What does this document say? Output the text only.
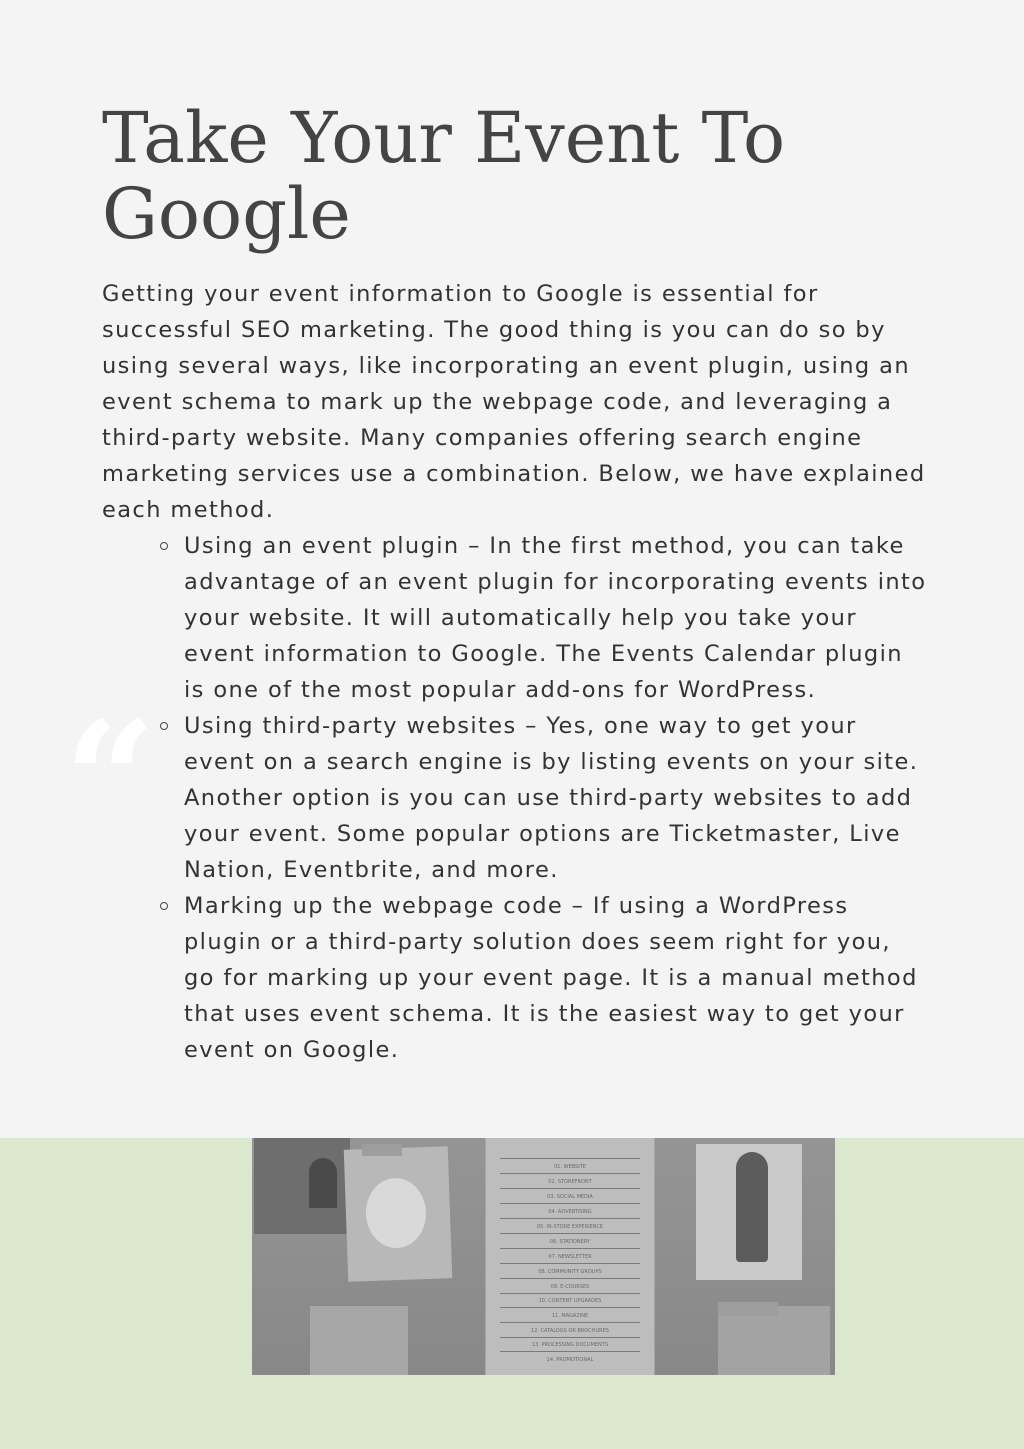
Take Your Event To Google

Getting your event information to Google is essential for successful SEO marketing. The good thing is you can do so by using several ways, like incorporating an event plugin, using an event schema to mark up the webpage code, and leveraging a third-party website. Many companies offering search engine marketing services use a combination. Below, we have explained each method.

“
Using an event plugin – In the first method, you can take advantage of an event plugin for incorporating events into your website. It will automatically help you take your event information to Google. The Events Calendar plugin is one of the most popular add-ons for WordPress.
Using third-party websites – Yes, one way to get your event on a search engine is by listing events on your site. Another option is you can use third-party websites to add your event. Some popular options are Ticketmaster, Live Nation, Eventbrite, and more.
Marking up the webpage code – If using a WordPress plugin or a third-party solution does seem right for you, go for marking up your event page. It is a manual method that uses event schema. It is the easiest way to get your event on Google.
01. WEBSITE
02. STOREFRONT
03. SOCIAL MEDIA
04. ADVERTISING
05. IN-STORE EXPERIENCE
06. STATIONERY
07. NEWSLETTER
08. COMMUNITY GROUPS
09. E-COURSES
10. CONTENT UPGRADES
11. MAGAZINE
12. CATALOGS OR BROCHURES
13. PROCESSING DOCUMENTS
14. PROMOTIONAL
